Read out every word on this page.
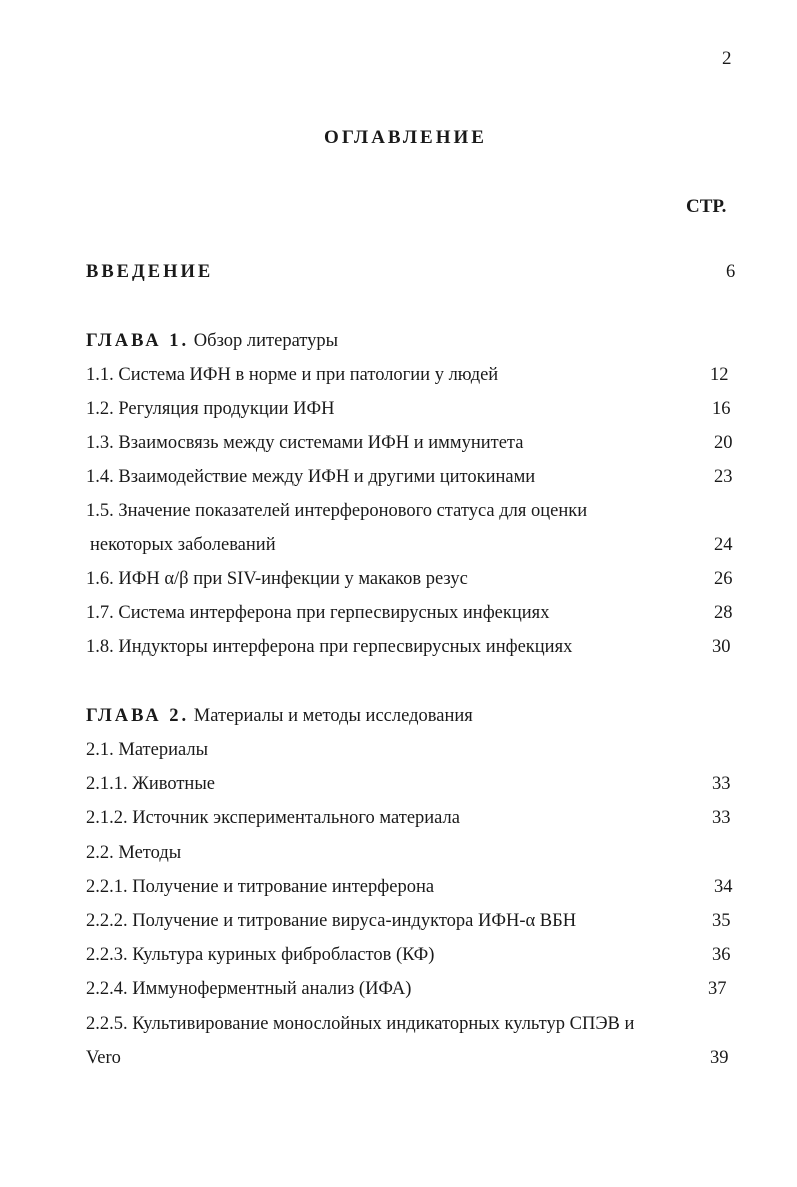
2
ОГЛАВЛЕНИЕ
СТР.
ВВЕДЕНИЕ	6
ГЛАВА 1. Обзор литературы
1.1. Система ИФН в норме и при патологии у людей	12
1.2. Регуляция продукции ИФН	16
1.3. Взаимосвязь между системами ИФН и иммунитета	20
1.4. Взаимодействие между ИФН и другими цитокинами	23
1.5. Значение показателей интерферонового статуса для оценки
некоторых заболеваний	24
1.6. ИФН α/β при SIV-инфекции у макаков резус	26
1.7. Система интерферона при герпесвирусных инфекциях	28
1.8. Индукторы интерферона при герпесвирусных инфекциях	30
ГЛАВА 2. Материалы и методы исследования
2.1. Материалы
2.1.1. Животные	33
2.1.2. Источник экспериментального материала	33
2.2. Методы
2.2.1. Получение и титрование интерферона	34
2.2.2. Получение и титрование вируса-индуктора ИФН-α ВБН	35
2.2.3. Культура куриных фибробластов (КФ)	36
2.2.4. Иммуноферментный анализ (ИФА)	37
2.2.5. Культивирование монослойных индикаторных культур СПЭВ и
Vero	39
